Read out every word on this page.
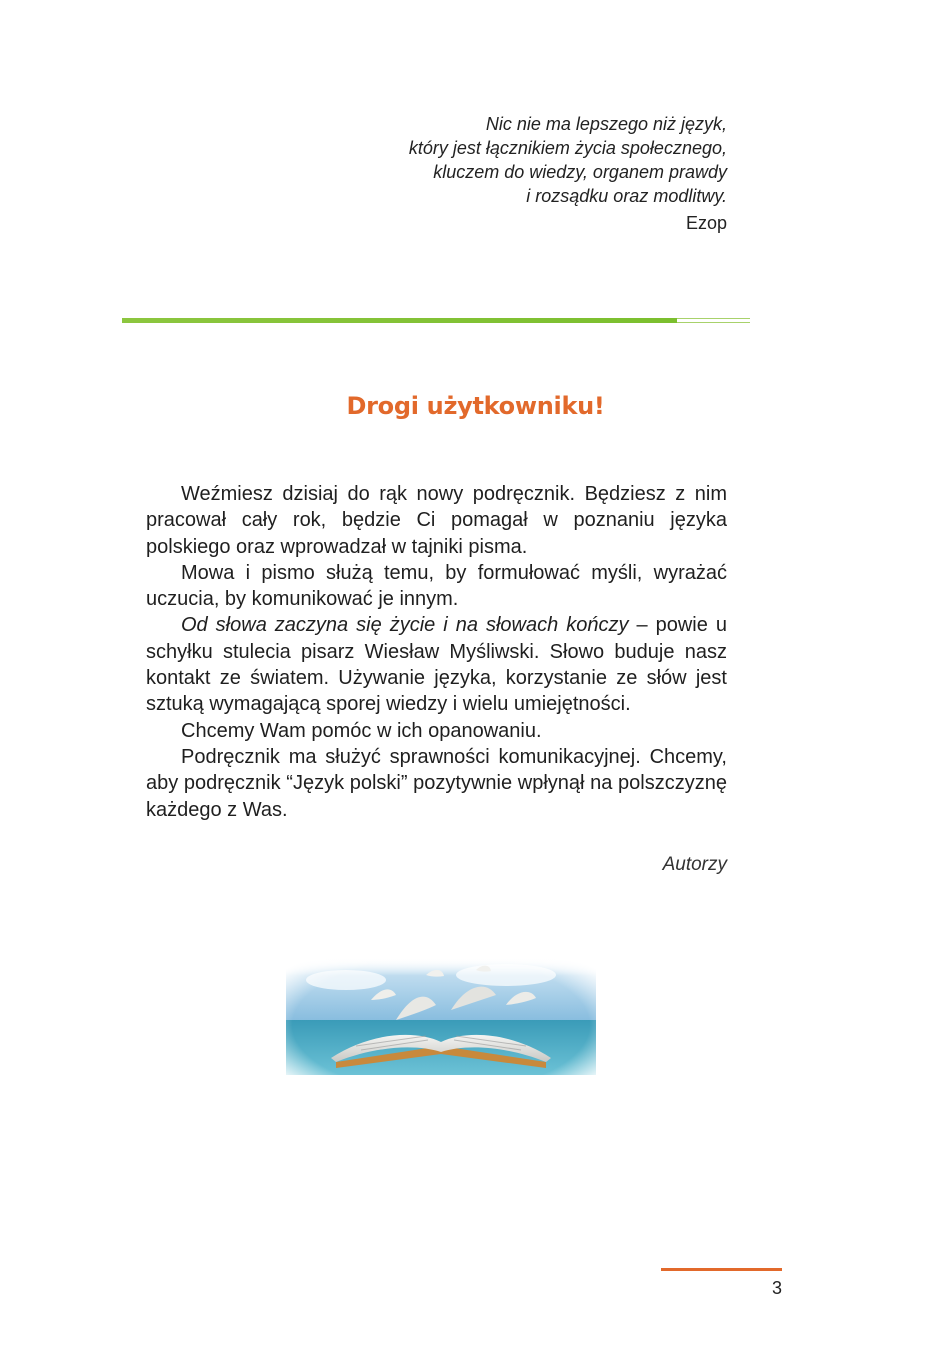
Nic nie ma lepszego niż język,
który jest łącznikiem życia społecznego,
kluczem do wiedzy, organem prawdy
i rozsądku oraz modlitwy.
Ezop
Drogi użytkowniku!

Weźmiesz dzisiaj do rąk nowy podręcznik. Będziesz z nim pracował cały rok, będzie Ci pomagał w poznaniu języka polskiego oraz wprowadzał w tajniki pisma.

Mowa i pismo służą temu, by formułować myśli, wyrażać uczucia, by komunikować je innym.

Od słowa zaczyna się życie i na słowach kończy – powie u schyłku stulecia pisarz Wiesław Myśliwski. Słowo buduje nasz kontakt ze światem. Używanie języka, korzystanie ze słów jest sztuką wymagającą sporej wiedzy i wielu umiejętności.

Chcemy Wam pomóc w ich opanowaniu.

Podręcznik ma służyć sprawności komunikacyjnej. Chcemy, aby podręcznik “Język polski” pozytywnie wpłynął na polszczyznę każdego z Was.

Autorzy
3
